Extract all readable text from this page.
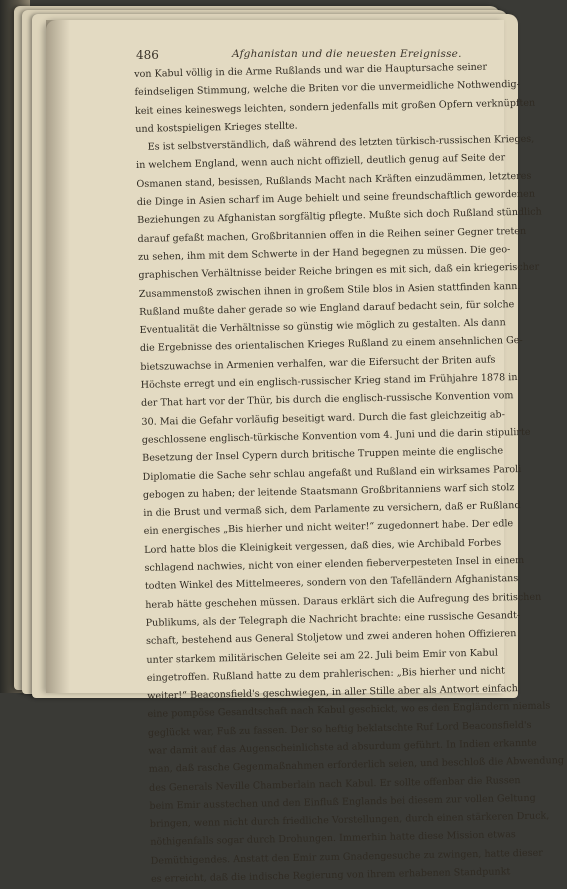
486	Afghanistan und die neuesten Ereignisse.
von Kabul völlig in die Arme Rußlands und war die Hauptursache seiner
feindseligen Stimmung, welche die Briten vor die unvermeidliche Nothwendig-
keit eines keineswegs leichten, sondern jedenfalls mit großen Opfern verknüpften
und kostspieligen Krieges stellte.
Es ist selbstverständlich, daß während des letzten türkisch-russischen Krieges,
in welchem England, wenn auch nicht offiziell, deutlich genug auf Seite der
Osmanen stand, besissen, Rußlands Macht nach Kräften einzudämmen, letzteres
die Dinge in Asien scharf im Auge behielt und seine freundschaftlich gewordenen
Beziehungen zu Afghanistan sorgfältig pflegte. Mußte sich doch Rußland stündlich
darauf gefaßt machen, Großbritannien offen in die Reihen seiner Gegner treten
zu sehen, ihm mit dem Schwerte in der Hand begegnen zu müssen. Die geo-
graphischen Verhältnisse beider Reiche bringen es mit sich, daß ein kriegerischer
Zusammenstoß zwischen ihnen in großem Stile blos in Asien stattfinden kann.
Rußland mußte daher gerade so wie England darauf bedacht sein, für solche
Eventualität die Verhältnisse so günstig wie möglich zu gestalten. Als dann
die Ergebnisse des orientalischen Krieges Rußland zu einem ansehnlichen Ge-
bietszuwachse in Armenien verhalfen, war die Eifersucht der Briten aufs
Höchste erregt und ein englisch-russischer Krieg stand im Frühjahre 1878 in
der That hart vor der Thür, bis durch die englisch-russische Konvention vom
30. Mai die Gefahr vorläufig beseitigt ward. Durch die fast gleichzeitig ab-
geschlossene englisch-türkische Konvention vom 4. Juni und die darin stipulirte
Besetzung der Insel Cypern durch britische Truppen meinte die englische
Diplomatie die Sache sehr schlau angefaßt und Rußland ein wirksames Paroli
gebogen zu haben; der leitende Staatsmann Großbritanniens warf sich stolz
in die Brust und vermaß sich, dem Parlamente zu versichern, daß er Rußland
ein energisches „Bis hierher und nicht weiter!“ zugedonnert habe. Der edle
Lord hatte blos die Kleinigkeit vergessen, daß dies, wie Archibald Forbes
schlagend nachwies, nicht von einer elenden fieberverpesteten Insel in einem
todten Winkel des Mittelmeeres, sondern von den Tafelländern Afghanistans
herab hätte geschehen müssen. Daraus erklärt sich die Aufregung des britischen
Publikums, als der Telegraph die Nachricht brachte: eine russische Gesandt-
schaft, bestehend aus General Stoljetow und zwei anderen hohen Offizieren
unter starkem militärischen Geleite sei am 22. Juli beim Emir von Kabul
eingetroffen. Rußland hatte zu dem prahlerischen: „Bis hierher und nicht
weiter!“ Beaconsfield's geschwiegen, in aller Stille aber als Antwort einfach
eine pompöse Gesandtschaft nach Kabul geschickt, wo es den Engländern niemals
geglückt war, Fuß zu fassen. Der so heftig beklatschte Ruf Lord Beaconsfield's
war damit auf das Augenscheinlichste ad absurdum geführt. In Indien erkannte
man, daß rasche Gegenmaßnahmen erforderlich seien, und beschloß die Abwendung
des Generals Neville Chamberlain nach Kabul. Er sollte offenbar die Russen
beim Emir ausstechen und den Einfluß Englands bei diesem zur vollen Geltung
bringen, wenn nicht durch friedliche Vorstellungen, durch einen stärkeren Druck,
nöthigenfalls sogar durch Drohungen. Immerhin hatte diese Mission etwas
Demüthigendes. Anstatt den Emir zum Gnadengesuche zu zwingen, hatte dieser
es erreicht, daß die indische Regierung von ihrem erhabenen Standpunkt
